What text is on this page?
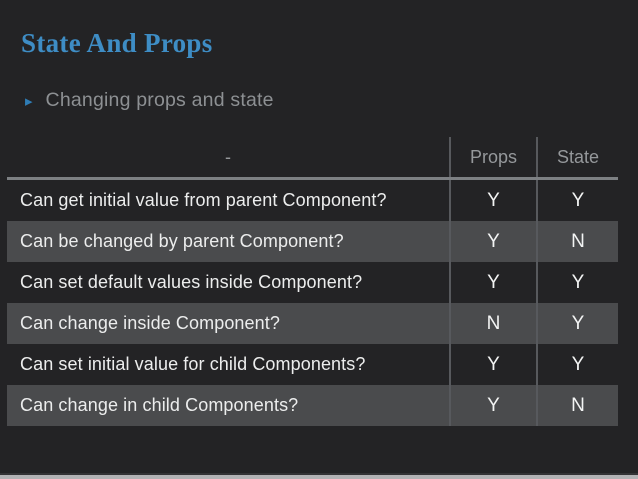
State And Props
▸ Changing props and state
-	Props	State
Can get initial value from parent Component?	Y	Y
Can be changed by parent Component?	Y	N
Can set default values inside Component?	Y	Y
Can change inside Component?	N	Y
Can set initial value for child Components?	Y	Y
Can change in child Components?	Y	N
